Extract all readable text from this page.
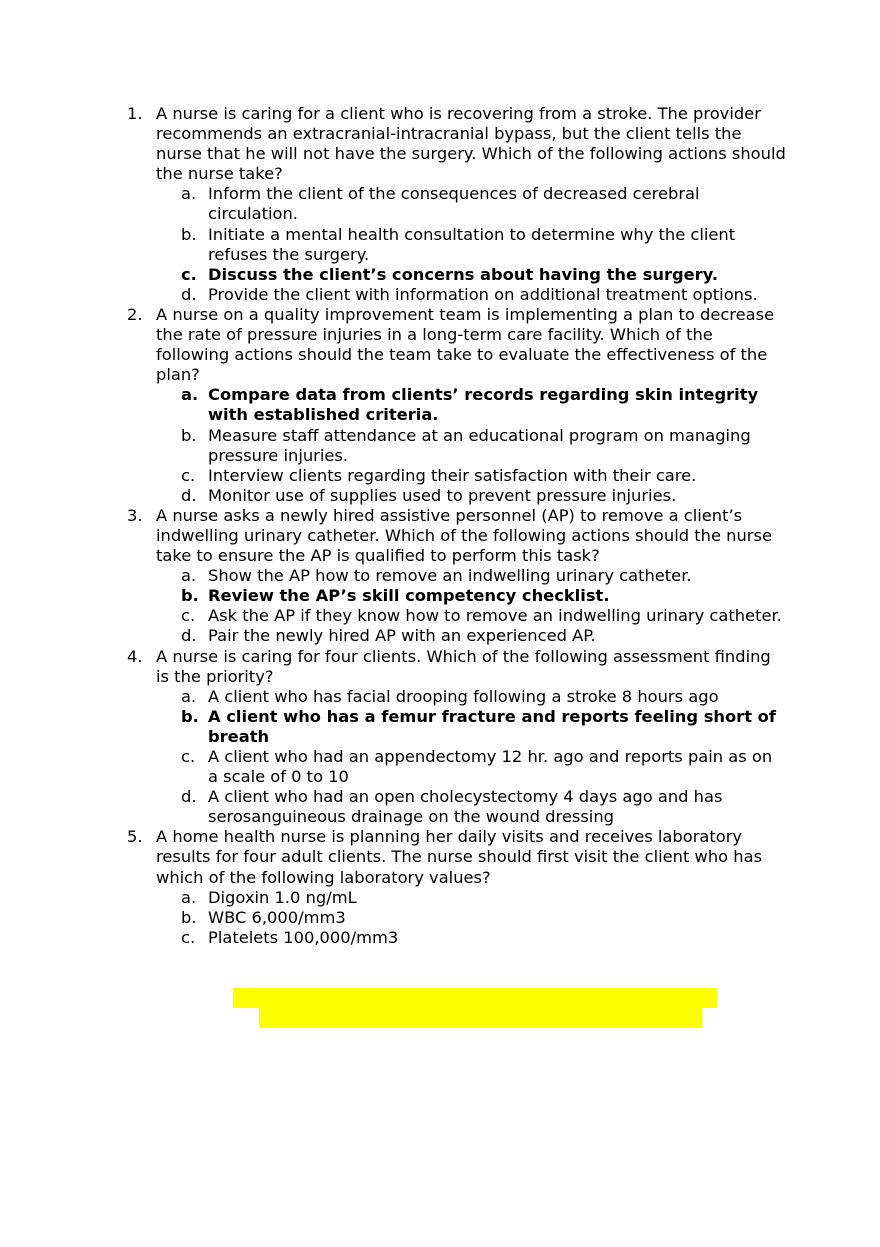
1. A nurse is caring for a client who is recovering from a stroke. The provider recommends an extracranial-intracranial bypass, but the client tells the nurse that he will not have the surgery. Which of the following actions should the nurse take?
a. Inform the client of the consequences of decreased cerebral circulation.
b. Initiate a mental health consultation to determine why the client refuses the surgery.
c. Discuss the client’s concerns about having the surgery.
d. Provide the client with information on additional treatment options.
2. A nurse on a quality improvement team is implementing a plan to decrease the rate of pressure injuries in a long-term care facility. Which of the following actions should the team take to evaluate the effectiveness of the plan?
a. Compare data from clients’ records regarding skin integrity with established criteria.
b. Measure staff attendance at an educational program on managing pressure injuries.
c. Interview clients regarding their satisfaction with their care.
d. Monitor use of supplies used to prevent pressure injuries.
3. A nurse asks a newly hired assistive personnel (AP) to remove a client’s indwelling urinary catheter. Which of the following actions should the nurse take to ensure the AP is qualified to perform this task?
a. Show the AP how to remove an indwelling urinary catheter.
b. Review the AP’s skill competency checklist.
c. Ask the AP if they know how to remove an indwelling urinary catheter.
d. Pair the newly hired AP with an experienced AP.
4. A nurse is caring for four clients. Which of the following assessment finding is the priority?
a. A client who has facial drooping following a stroke 8 hours ago
b. A client who has a femur fracture and reports feeling short of breath
c. A client who had an appendectomy 12 hr. ago and reports pain as on a scale of 0 to 10
d. A client who had an open cholecystectomy 4 days ago and has serosanguineous drainage on the wound dressing
5. A home health nurse is planning her daily visits and receives laboratory results for four adult clients. The nurse should first visit the client who has which of the following laboratory values?
a. Digoxin 1.0 ng/mL
b. WBC 6,000/mm3
c. Platelets 100,000/mm3
